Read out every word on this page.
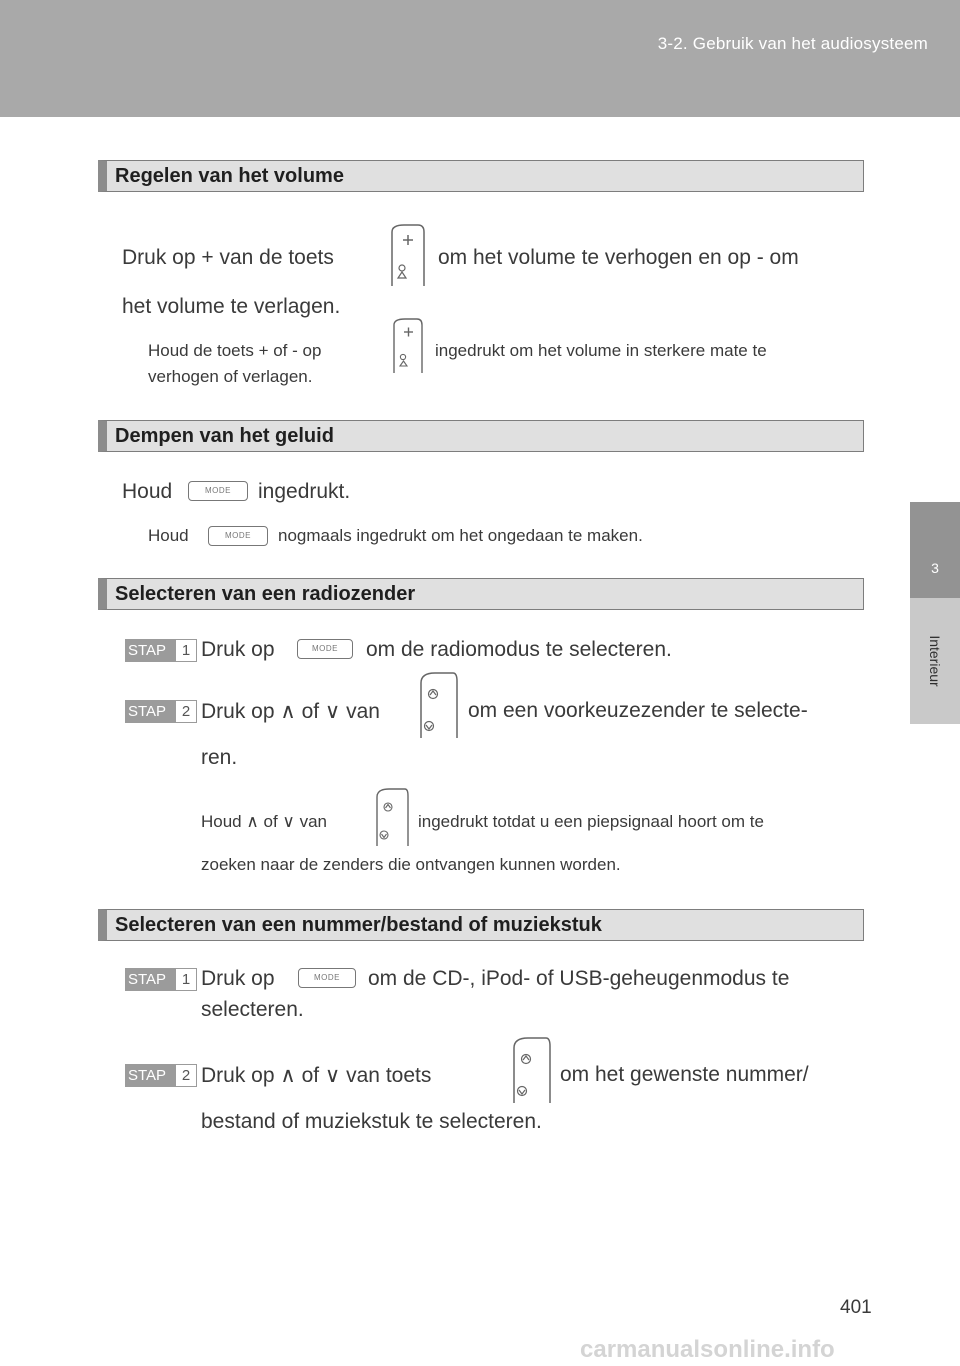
3-2. Gebruik van het audiosysteem
3
Interieur
Regelen van het volume
Druk op + van de toets	om het volume te verhogen en op - om
het volume te verlagen.
Houd de toets + of - op	ingedrukt om het volume in sterkere mate te
verhogen of verlagen.
Dempen van het geluid
Houd	MODE	ingedrukt.
Houd	MODE	nogmaals ingedrukt om het ongedaan te maken.
Selecteren van een radiozender
STAP	1 Druk op	MODE	om de radiomodus te selecteren.
STAP	2 Druk op ∧ of ∨ van	om een voorkeuzezender te selecte-
ren.
Houd ∧ of ∨ van	ingedrukt totdat u een piepsignaal hoort om te
zoeken naar de zenders die ontvangen kunnen worden.
Selecteren van een nummer/bestand of muziekstuk
STAP	1 Druk op	MODE	om de CD-, iPod- of USB-geheugenmodus te
selecteren.
STAP	2 Druk op ∧ of ∨ van toets	om het gewenste nummer/
bestand of muziekstuk te selecteren.
401
carmanualsonline.info
